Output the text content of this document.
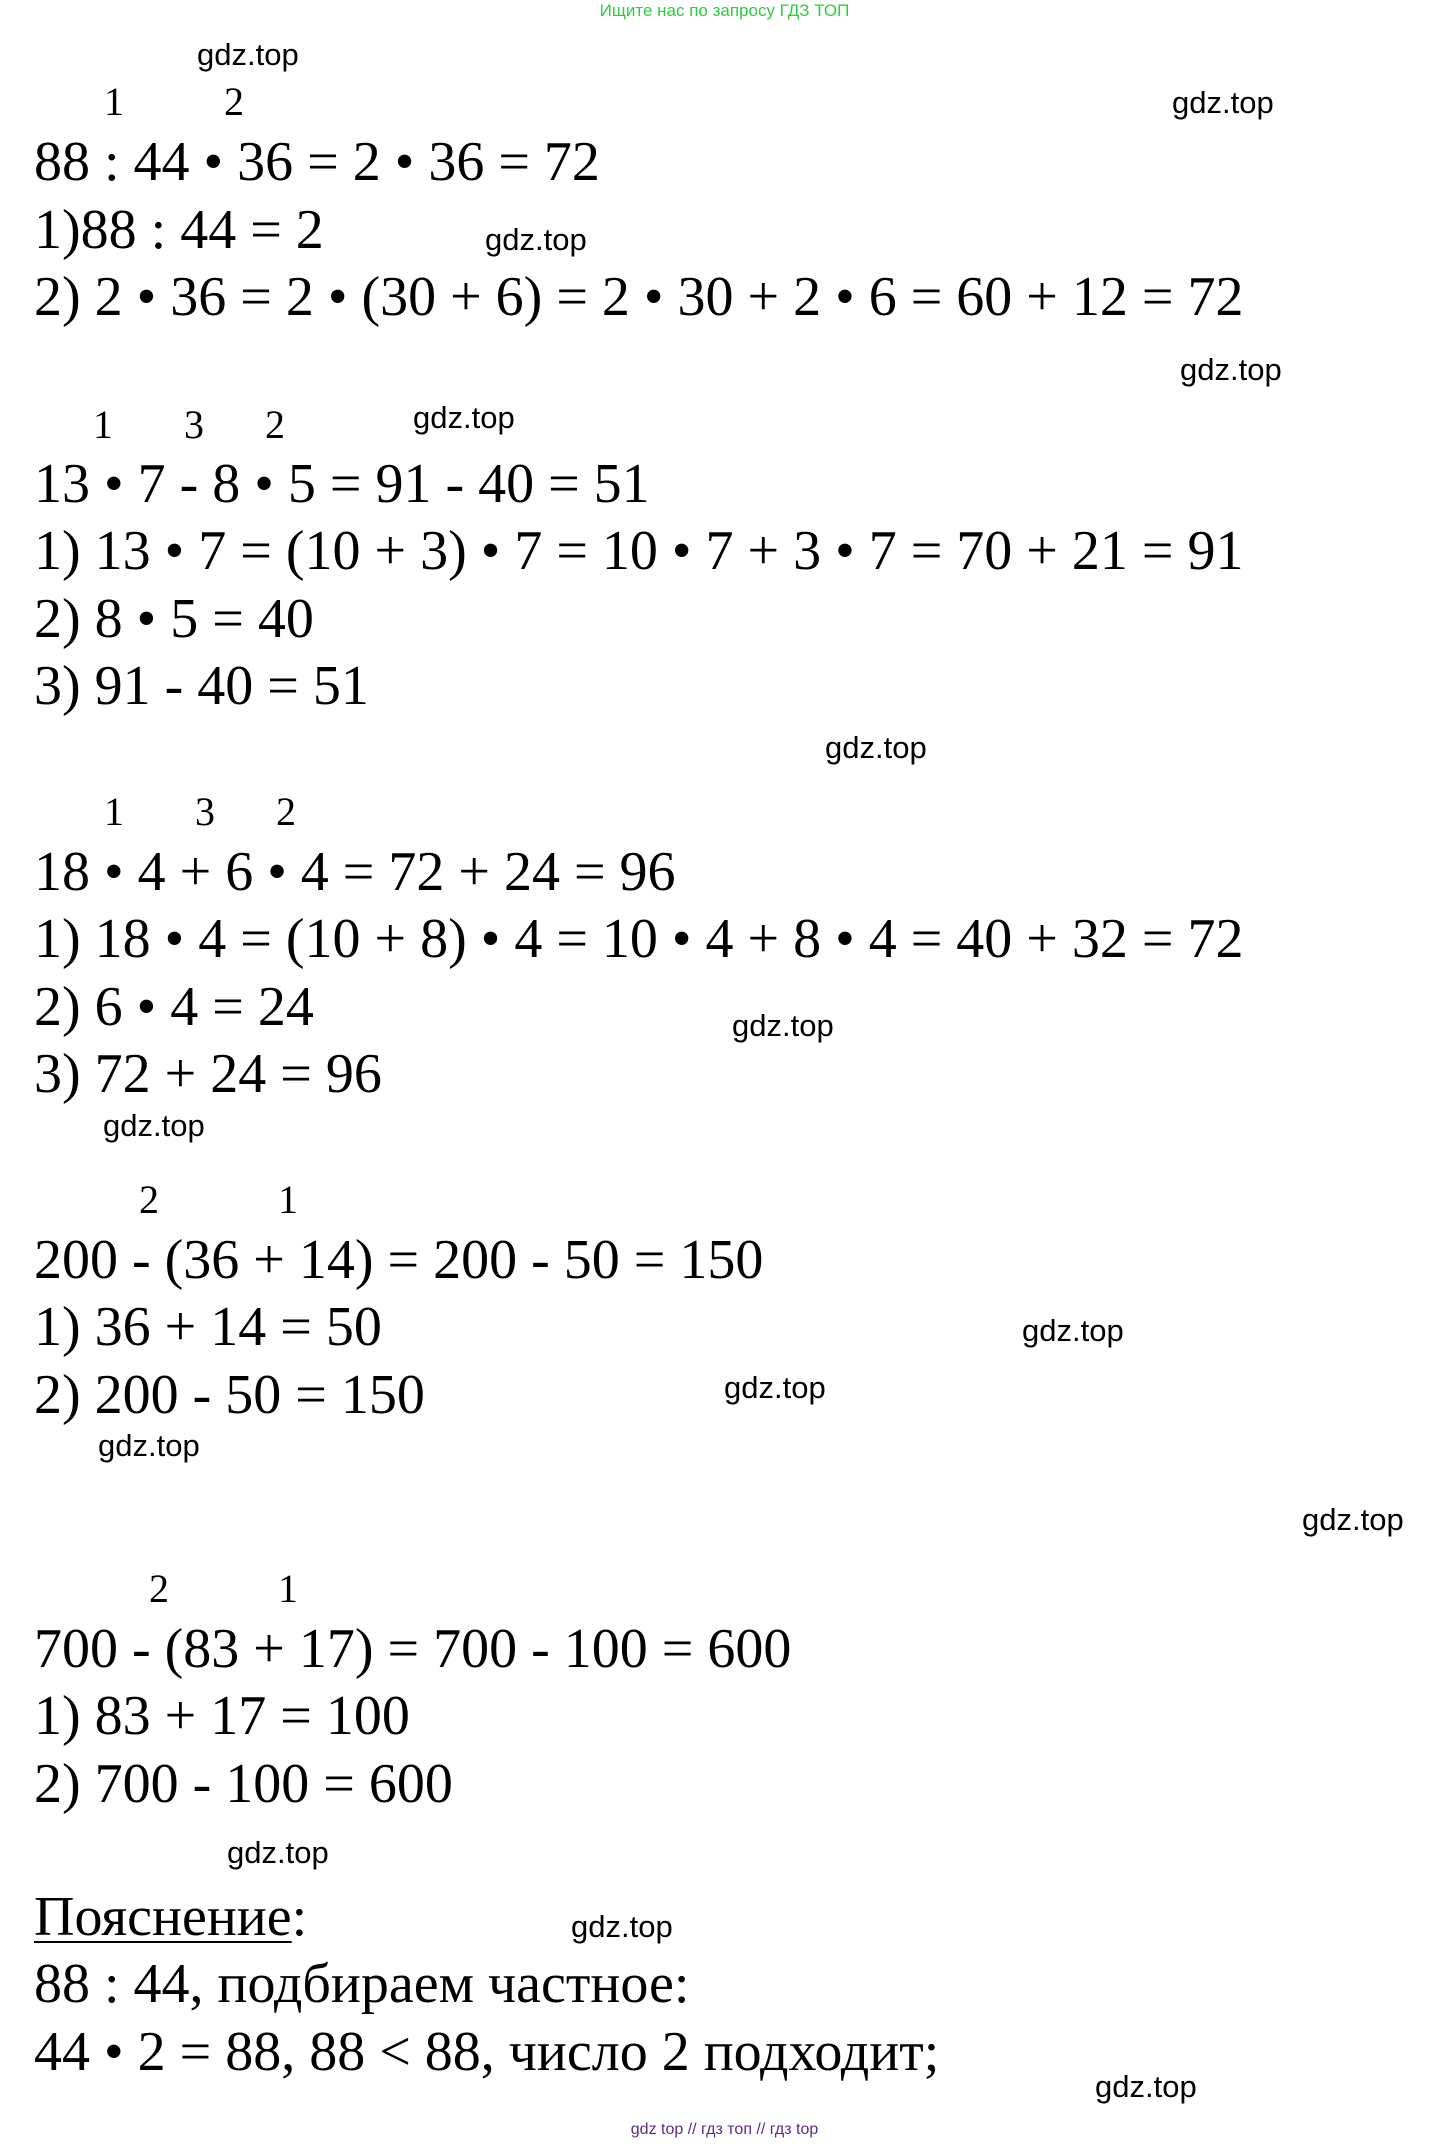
Ищите нас по запросу ГДЗ ТОП
gdz.top
gdz.top
gdz.top
gdz.top
gdz.top
gdz.top
gdz.top
gdz.top
gdz.top
gdz.top
gdz.top
gdz.top
gdz.top
gdz.top
gdz.top
1	2
88 : 44 • 36 = 2 • 36 = 72
1)88 : 44 = 2
2) 2 • 36 = 2 • (30 + 6) = 2 • 30 + 2 • 6 = 60 + 12 = 72
1 3 2
13 • 7 - 8 • 5 = 91 - 40 = 51
1) 13 • 7 = (10 + 3) • 7 = 10 • 7 + 3 • 7 = 70 + 21 = 91
2) 8 • 5 = 40
3) 91 - 40 = 51
1 3 2
18 • 4 + 6 • 4 = 72 + 24 = 96
1) 18 • 4 = (10 + 8) • 4 = 10 • 4 + 8 • 4 = 40 + 32 = 72
2) 6 • 4 = 24
3) 72 + 24 = 96
2	1
200 - (36 + 14) = 200 - 50 = 150
1) 36 + 14 = 50
2) 200 - 50 = 150
2	1
700 - (83 + 17) = 700 - 100 = 600
1) 83 + 17 = 100
2) 700 - 100 = 600
Пояснение:
88 : 44, подбираем частное:
44 • 2 = 88, 88 < 88, число 2 подходит;
gdz top // гдз топ // гдз top
